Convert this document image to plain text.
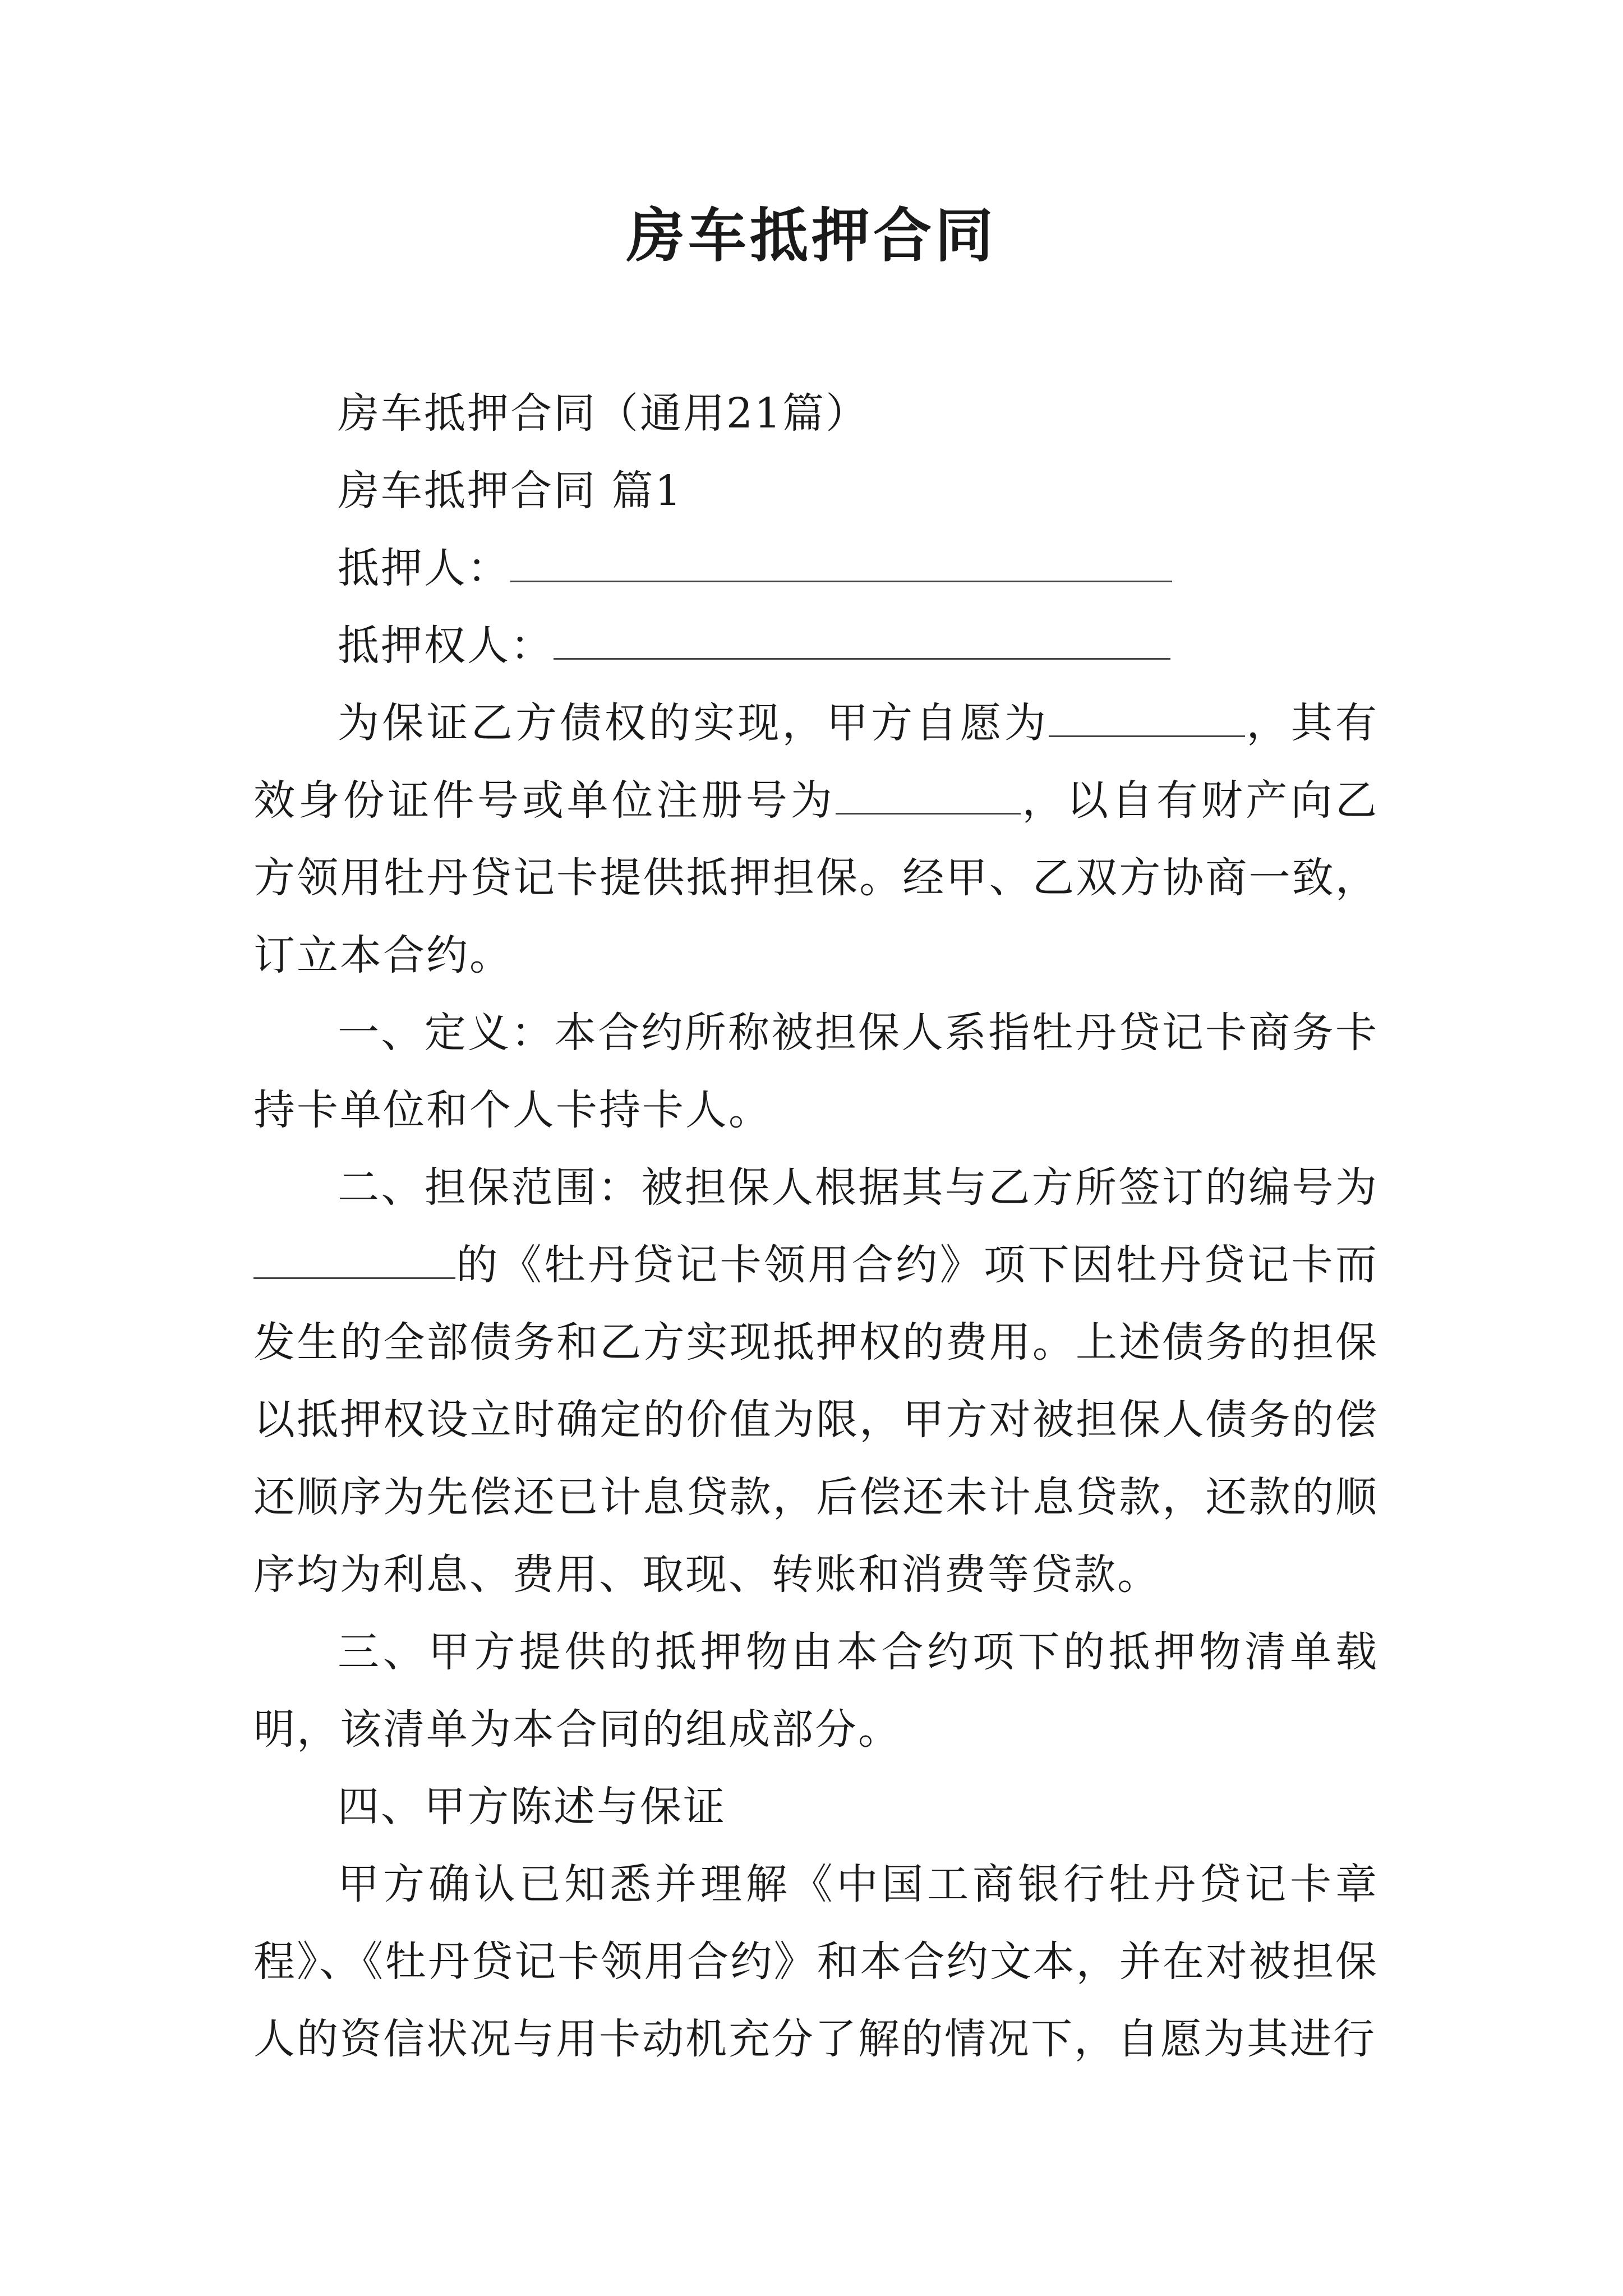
房车抵押合同

房车抵押合同（通用21篇）

房车抵押合同 篇1

抵押人：

抵押权人：

为保证乙方债权的实现，甲方自愿为	，其有效身份证件号或单位注册号为	，以自有财产向乙方领用牡丹贷记卡提供抵押担保。经甲、乙双方协商一致，订立本合约。

一、定义：本合约所称被担保人系指牡丹贷记卡商务卡持卡单位和个人卡持卡人。

二、担保范围：被担保人根据其与乙方所签订的编号为的《牡丹贷记卡领用合约》项下因牡丹贷记卡而发生的全部债务和乙方实现抵押权的费用。上述债务的担保以抵押权设立时确定的价值为限，甲方对被担保人债务的偿还顺序为先偿还已计息贷款，后偿还未计息贷款，还款的顺序均为利息、费用、取现、转账和消费等贷款。

三、甲方提供的抵押物由本合约项下的抵押物清单载明，该清单为本合同的组成部分。

四、甲方陈述与保证

甲方确认已知悉并理解《中国工商银行牡丹贷记卡章程》、《牡丹贷记卡领用合约》和本合约文本，并在对被担保人的资信状况与用卡动机充分了解的情况下，自愿为其进行
